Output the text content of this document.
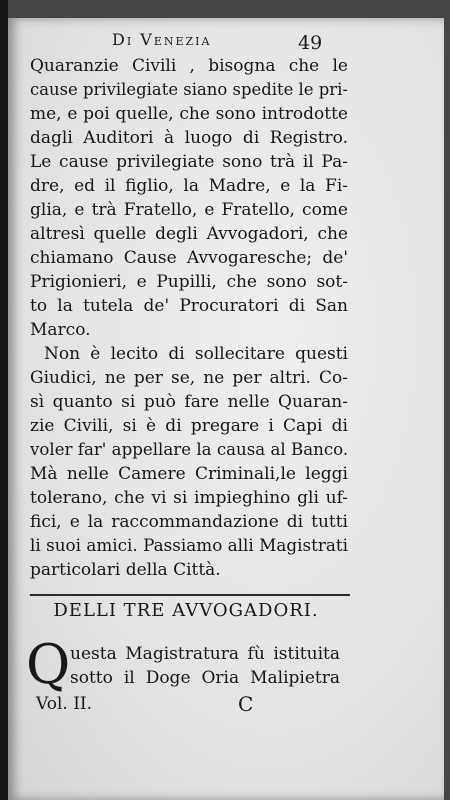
Di Venezia	49
Quaranzie Civili , bisogna che le
cause privilegiate siano spedite le pri-
me, e poi quelle, che sono introdotte
dagli Auditori à luogo di Registro.
Le cause privilegiate sono trà il Pa-
dre, ed il figlio, la Madre, e la Fi-
glia, e trà Fratello, e Fratello, come
altresì quelle degli Avvogadori, che
chiamano Cause Avvogaresche; de'
Prigionieri, e Pupilli, che sono sot-
to la tutela de' Procuratori di San
Marco.
Non è lecito di sollecitare questi
Giudici, ne per se, ne per altri. Co-
sì quanto si può fare nelle Quaran-
zie Civili, si è di pregare i Capi di
voler far' appellare la causa al Banco.
Mà nelle Camere Criminali,le leggi
tolerano, che vi si impieghino gli uf-
fici, e la raccommandazione di tutti
li suoi amici. Passiamo alli Magistrati
particolari della Città.
DELLI TRE AVVOGADORI.
Q uesta Magistratura fù istituita
sotto il Doge Oria Malipietra
Vol. II.	C
